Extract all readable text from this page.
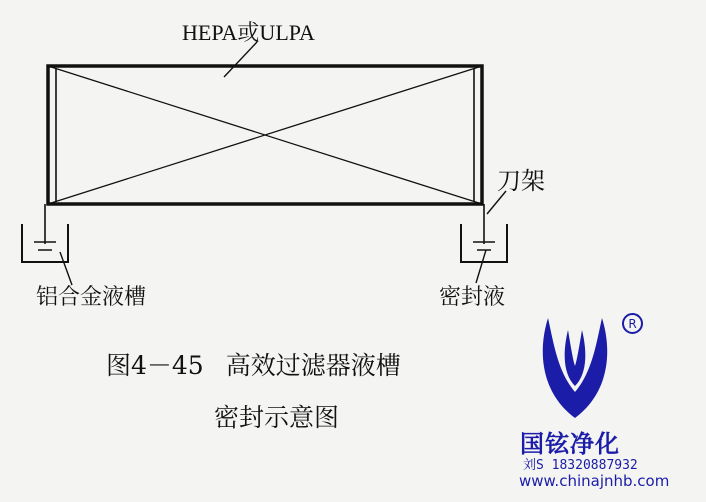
HEPA或ULPA
刀架
铝合金液槽	密封液
图4－45 高效过滤器液槽
密封示意图
R
国铉净化
刘S 18320887932
www.chinajnhb.com
